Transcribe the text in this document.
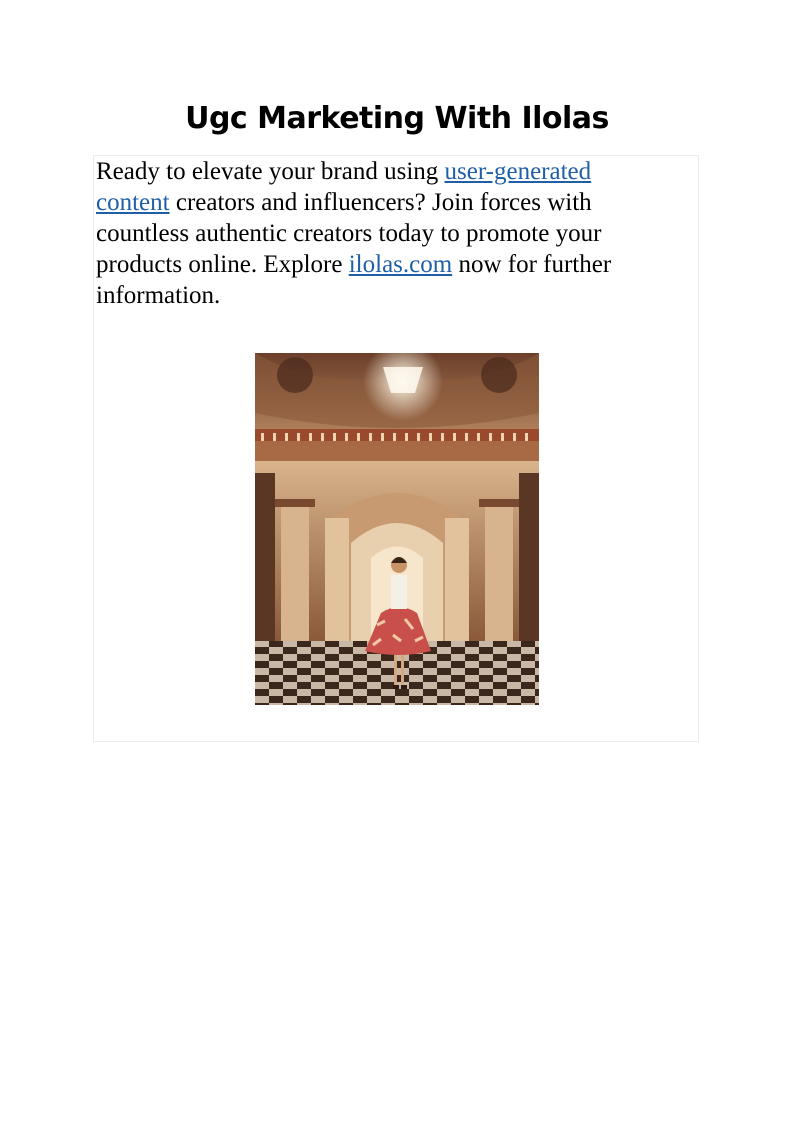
Ugc Marketing With Ilolas

Ready to elevate your brand using user-generated content creators and influencers? Join forces with countless authentic creators today to promote your products online. Explore ilolas.com now for further information.
